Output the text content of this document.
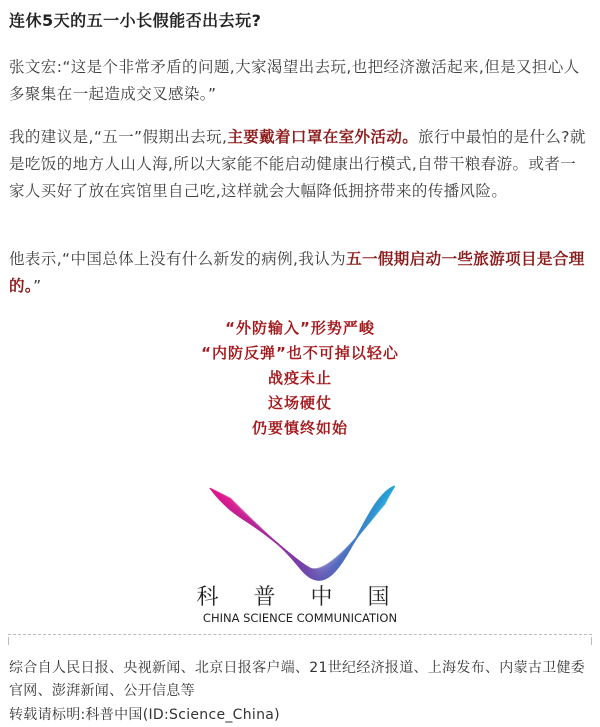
连休5天的五一小长假能否出去玩?
张文宏:“这是个非常矛盾的问题,大家渴望出去玩,也把经济激活起来,但是又担心人多聚集在一起造成交叉感染。”
我的建议是,“五一”假期出去玩,主要戴着口罩在室外活动。旅行中最怕的是什么?就是吃饭的地方人山人海,所以大家能不能启动健康出行模式,自带干粮春游。或者一家人买好了放在宾馆里自己吃,这样就会大幅降低拥挤带来的传播风险。
他表示,“中国总体上没有什么新发的病例,我认为五一假期启动一些旅游项目是合理的。”
“外防输入”形势严峻
“内防反弹”也不可掉以轻心
战疫未止
这场硬仗
仍要慎终如始
科 普 中 国
CHINA SCIENCE COMMUNICATION
综合自人民日报、央视新闻、北京日报客户端、21世纪经济报道、上海发布、内蒙古卫健委官网、澎湃新闻、公开信息等
转载请标明:科普中国(ID:Science_China)
